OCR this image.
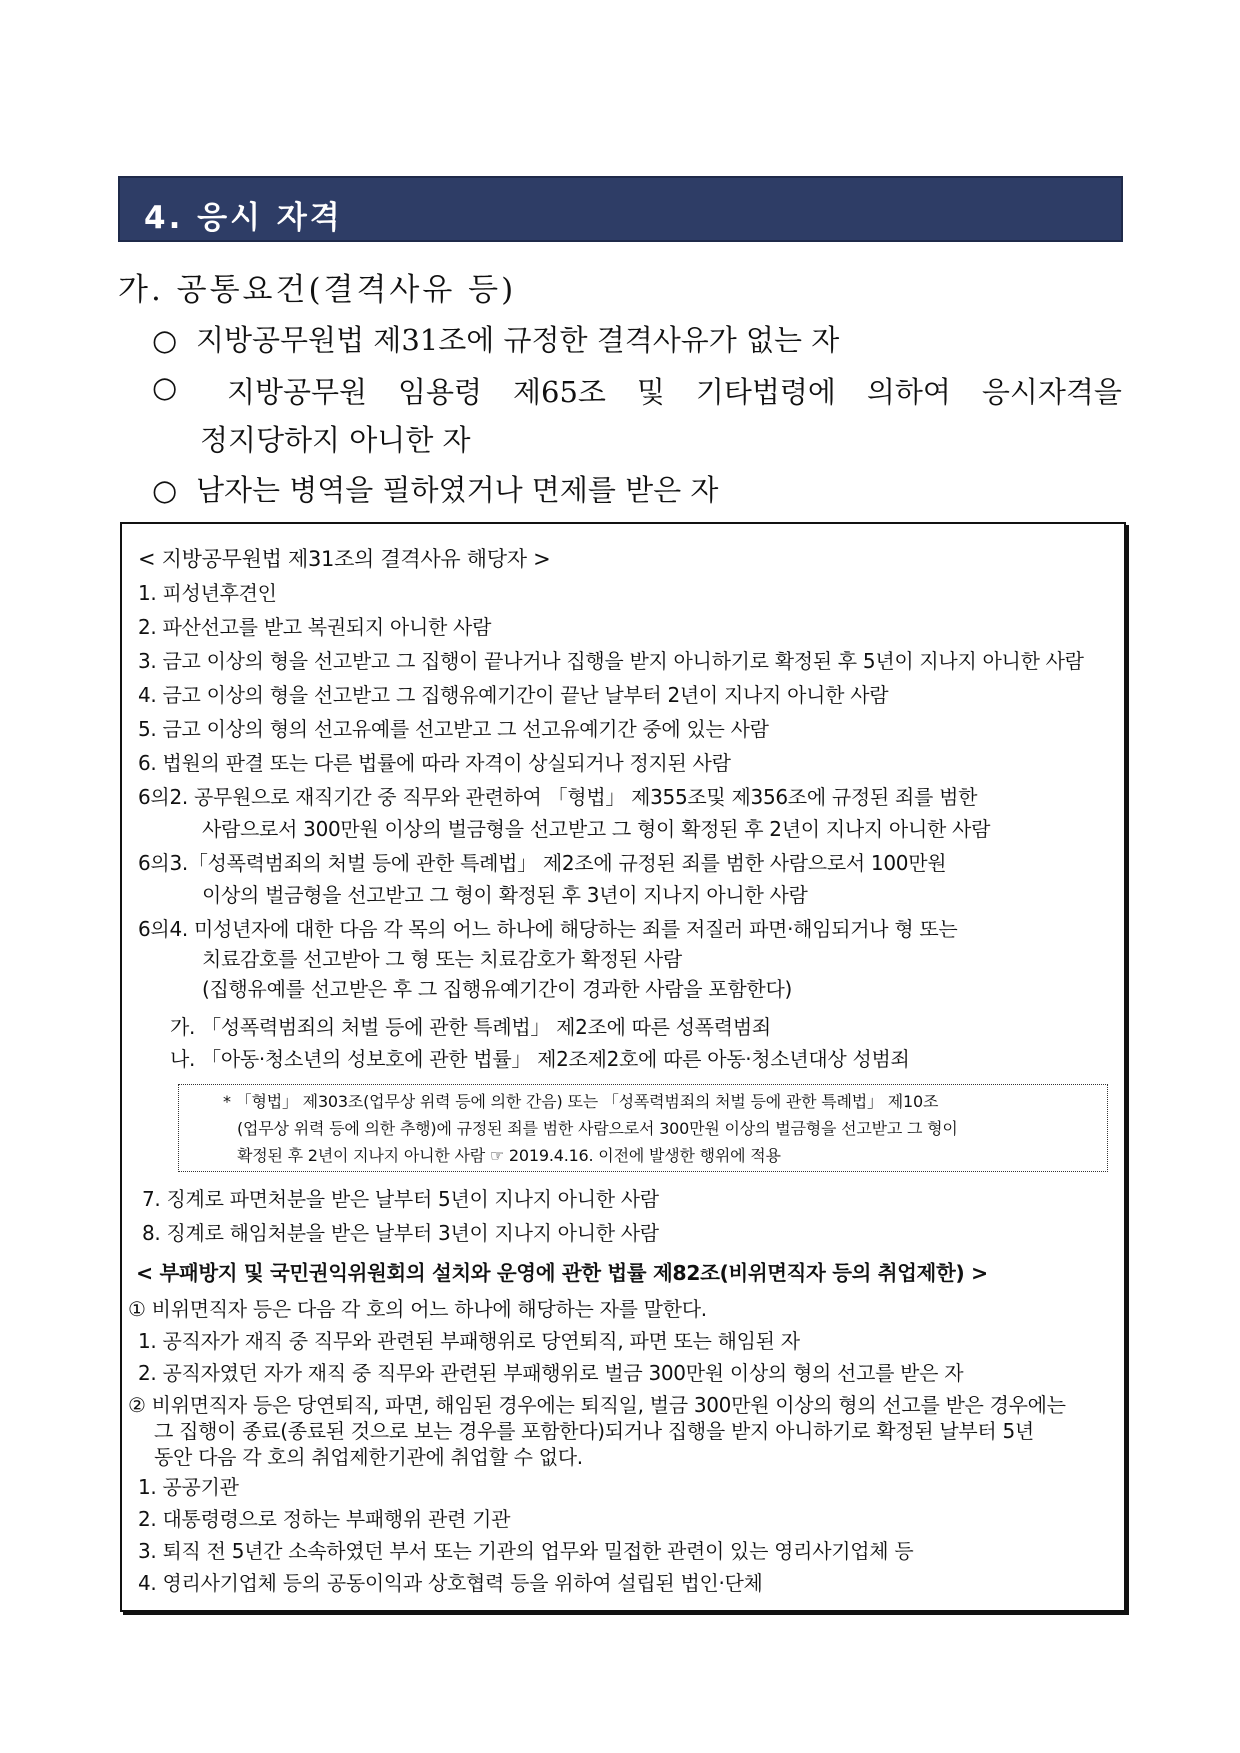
4. 응시 자격
가. 공통요건(결격사유 등)
○ 지방공무원법 제31조에 규정한 결격사유가 없는 자
○	지방공무원 임용령 제65조 및 기타법령에 의하여 응시자격을
정지당하지 아니한 자
○ 남자는 병역을 필하였거나 면제를 받은 자
< 지방공무원법 제31조의 결격사유 해당자 >
1. 피성년후견인
2. 파산선고를 받고 복권되지 아니한 사람
3. 금고 이상의 형을 선고받고 그 집행이 끝나거나 집행을 받지 아니하기로 확정된 후 5년이 지나지 아니한 사람
4. 금고 이상의 형을 선고받고 그 집행유예기간이 끝난 날부터 2년이 지나지 아니한 사람
5. 금고 이상의 형의 선고유예를 선고받고 그 선고유예기간 중에 있는 사람
6. 법원의 판결 또는 다른 법률에 따라 자격이 상실되거나 정지된 사람
6의2. 공무원으로 재직기간 중 직무와 관련하여 「형법」 제355조및 제356조에 규정된 죄를 범한
사람으로서 300만원 이상의 벌금형을 선고받고 그 형이 확정된 후 2년이 지나지 아니한 사람
6의3.「성폭력범죄의 처벌 등에 관한 특례법」 제2조에 규정된 죄를 범한 사람으로서 100만원
이상의 벌금형을 선고받고 그 형이 확정된 후 3년이 지나지 아니한 사람
6의4. 미성년자에 대한 다음 각 목의 어느 하나에 해당하는 죄를 저질러 파면·해임되거나 형 또는
치료감호를 선고받아 그 형 또는 치료감호가 확정된 사람
(집행유예를 선고받은 후 그 집행유예기간이 경과한 사람을 포함한다)
가. 「성폭력범죄의 처벌 등에 관한 특례법」 제2조에 따른 성폭력범죄
나. 「아동·청소년의 성보호에 관한 법률」 제2조제2호에 따른 아동·청소년대상 성범죄
* 「형법」 제303조(업무상 위력 등에 의한 간음) 또는 「성폭력범죄의 처벌 등에 관한 특례법」 제10조
(업무상 위력 등에 의한 추행)에 규정된 죄를 범한 사람으로서 300만원 이상의 벌금형을 선고받고 그 형이
확정된 후 2년이 지나지 아니한 사람 ☞ 2019.4.16. 이전에 발생한 행위에 적용
7. 징계로 파면처분을 받은 날부터 5년이 지나지 아니한 사람
8. 징계로 해임처분을 받은 날부터 3년이 지나지 아니한 사람
< 부패방지 및 국민권익위원회의 설치와 운영에 관한 법률 제82조(비위면직자 등의 취업제한) >
① 비위면직자 등은 다음 각 호의 어느 하나에 해당하는 자를 말한다.
1. 공직자가 재직 중 직무와 관련된 부패행위로 당연퇴직, 파면 또는 해임된 자
2. 공직자였던 자가 재직 중 직무와 관련된 부패행위로 벌금 300만원 이상의 형의 선고를 받은 자
② 비위면직자 등은 당연퇴직, 파면, 해임된 경우에는 퇴직일, 벌금 300만원 이상의 형의 선고를 받은 경우에는
그 집행이 종료(종료된 것으로 보는 경우를 포함한다)되거나 집행을 받지 아니하기로 확정된 날부터 5년
동안 다음 각 호의 취업제한기관에 취업할 수 없다.
1. 공공기관
2. 대통령령으로 정하는 부패행위 관련 기관
3. 퇴직 전 5년간 소속하였던 부서 또는 기관의 업무와 밀접한 관련이 있는 영리사기업체 등
4. 영리사기업체 등의 공동이익과 상호협력 등을 위하여 설립된 법인·단체
